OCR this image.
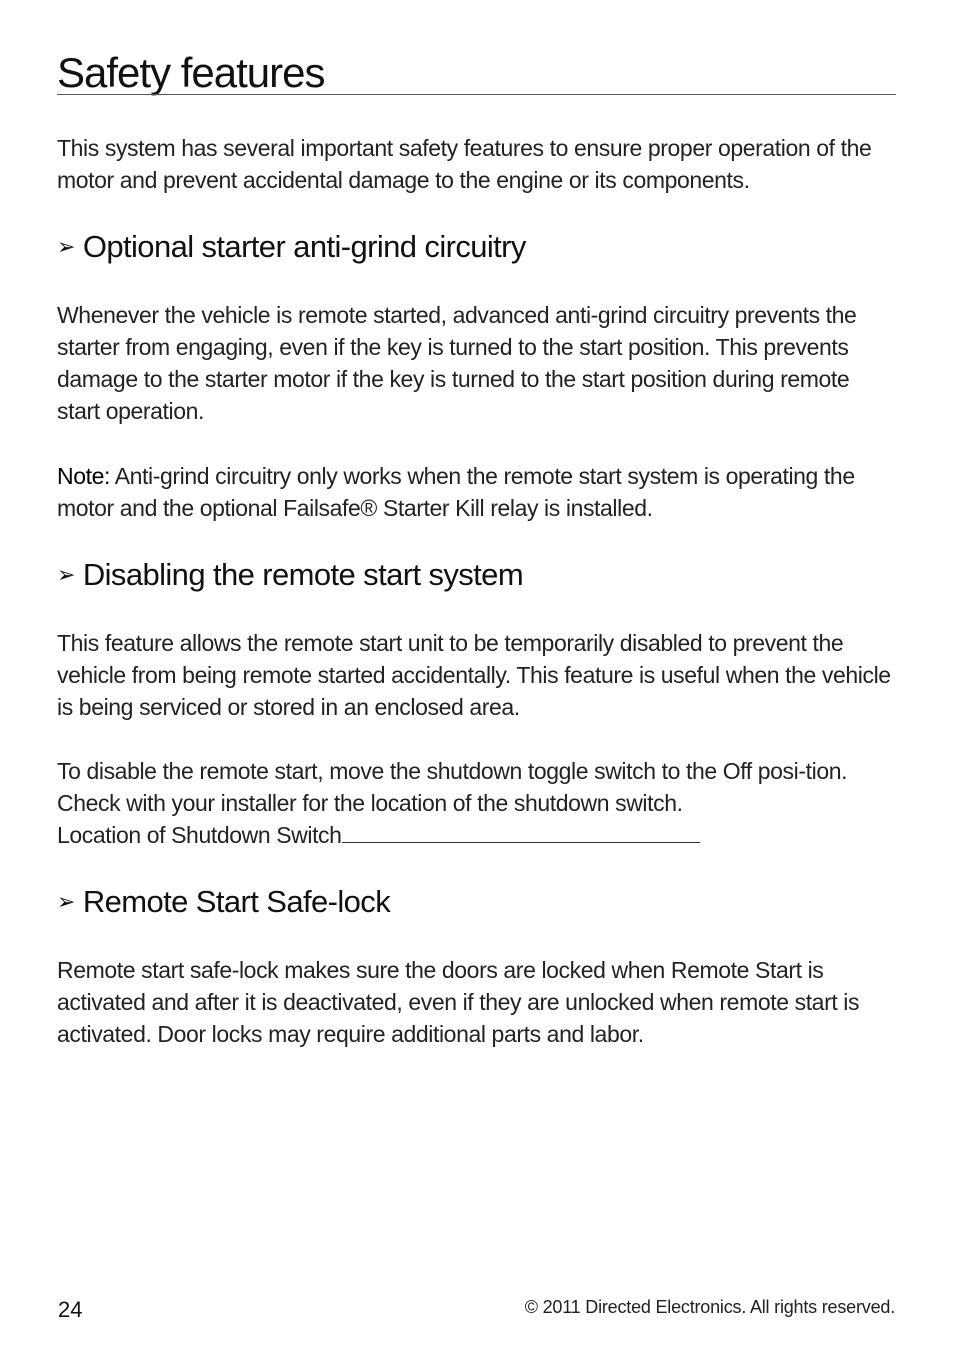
Safety features

This system has several important safety features to ensure proper operation of the motor and prevent accidental damage to the engine or its components.

➢ Optional starter anti-grind circuitry

Whenever the vehicle is remote started, advanced anti-grind circuitry prevents the starter from engaging, even if the key is turned to the start position. This prevents damage to the starter motor if the key is turned to the start position during remote start operation.

Note: Anti-grind circuitry only works when the remote start system is operating the motor and the optional Failsafe® Starter Kill relay is installed.

➢ Disabling the remote start system

This feature allows the remote start unit to be temporarily disabled to prevent the vehicle from being remote started accidentally. This feature is useful when the vehicle is being serviced or stored in an enclosed area.

To disable the remote start, move the shutdown toggle switch to the Off posi-tion. Check with your installer for the location of the shutdown switch.

Location of Shutdown Switch

➢ Remote Start Safe-lock

Remote start safe-lock makes sure the doors are locked when Remote Start is activated and after it is deactivated, even if they are unlocked when remote start is activated. Door locks may require additional parts and labor.

24	© 2011 Directed Electronics. All rights reserved.
